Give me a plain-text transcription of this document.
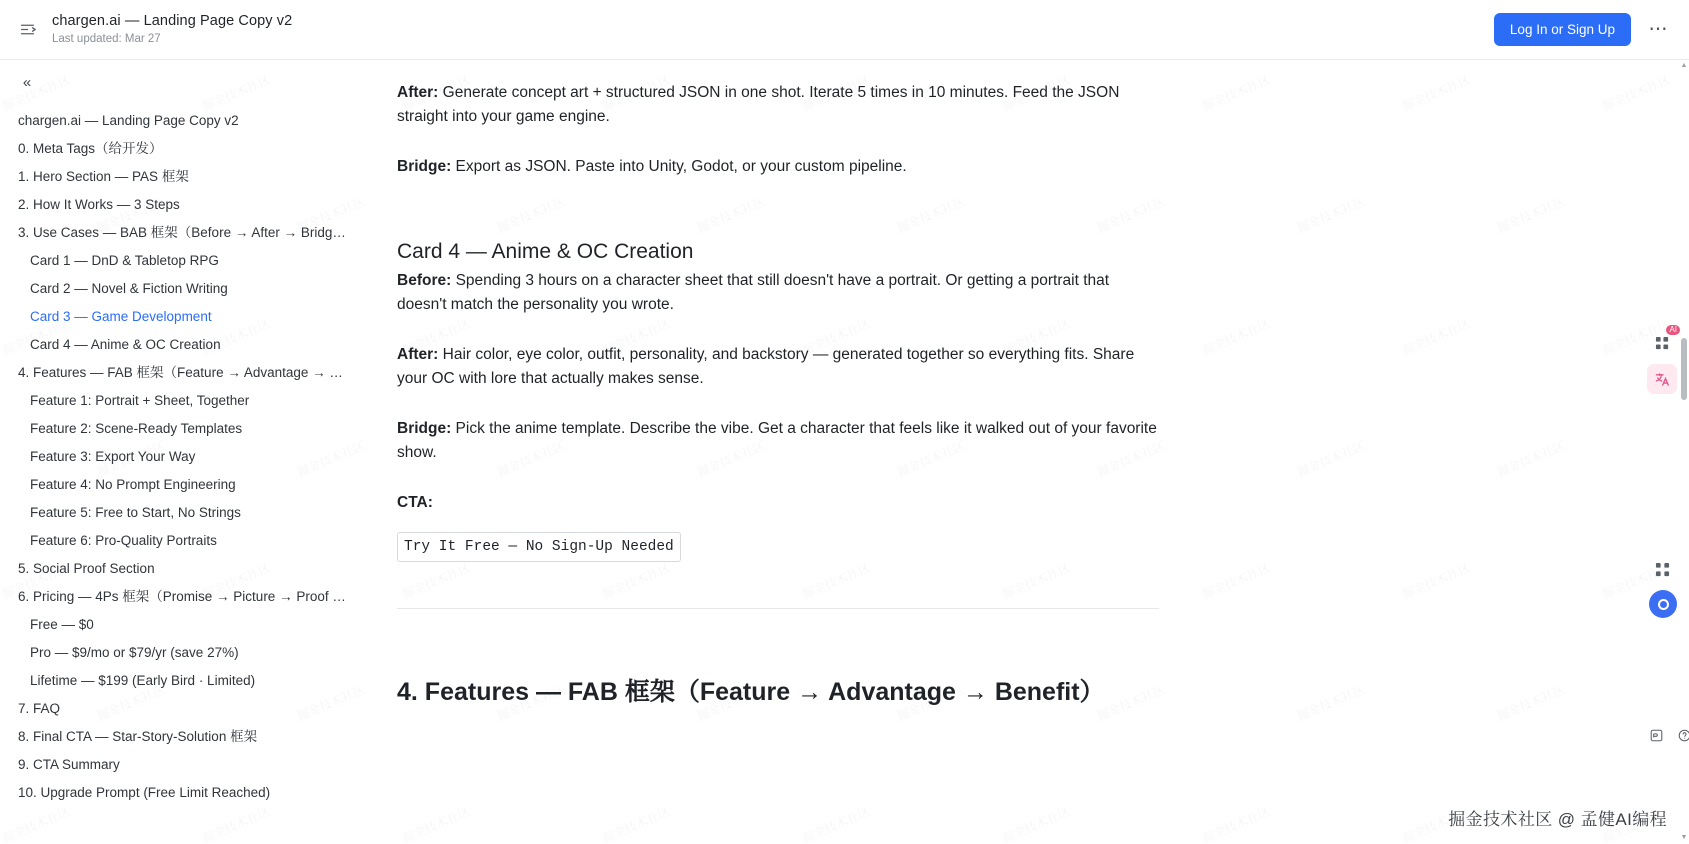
chargen.ai — Landing Page Copy v2
Last updated: Mar 27
Log In or Sign Up	⋯
«
chargen.ai — Landing Page Copy v2
0. Meta Tags（给开发）
1. Hero Section — PAS 框架
2. How It Works — 3 Steps
3. Use Cases — BAB 框架（Before → After → Bridg…
Card 1 — DnD & Tabletop RPG
Card 2 — Novel & Fiction Writing
Card 3 — Game Development
Card 4 — Anime & OC Creation
4. Features — FAB 框架（Feature → Advantage → …
Feature 1: Portrait + Sheet, Together
Feature 2: Scene-Ready Templates
Feature 3: Export Your Way
Feature 4: No Prompt Engineering
Feature 5: Free to Start, No Strings
Feature 6: Pro-Quality Portraits
5. Social Proof Section
6. Pricing — 4Ps 框架（Promise → Picture → Proof …
Free — $0
Pro — $9/mo or $79/yr (save 27%)
Lifetime — $199 (Early Bird · Limited)
7. FAQ
8. Final CTA — Star-Story-Solution 框架
9. CTA Summary
10. Upgrade Prompt (Free Limit Reached)
After: Generate concept art + structured JSON in one shot. Iterate 5 times in 10 minutes. Feed the JSON straight into your game engine.
Bridge: Export as JSON. Paste into Unity, Godot, or your custom pipeline.
Card 4 — Anime & OC Creation
Before: Spending 3 hours on a character sheet that still doesn't have a portrait. Or getting a portrait that doesn't match the personality you wrote.
After: Hair color, eye color, outfit, personality, and backstory — generated together so everything fits. Share your OC with lore that actually makes sense.
Bridge: Pick the anime template. Describe the vibe. Get a character that feels like it walked out of your favorite show.
CTA:
Try It Free — No Sign-Up Needed
4. Features — FAB 框架（Feature → Advantage → Benefit）
掘金技术社区 @ 孟健AI编程
AI
▲
▼
